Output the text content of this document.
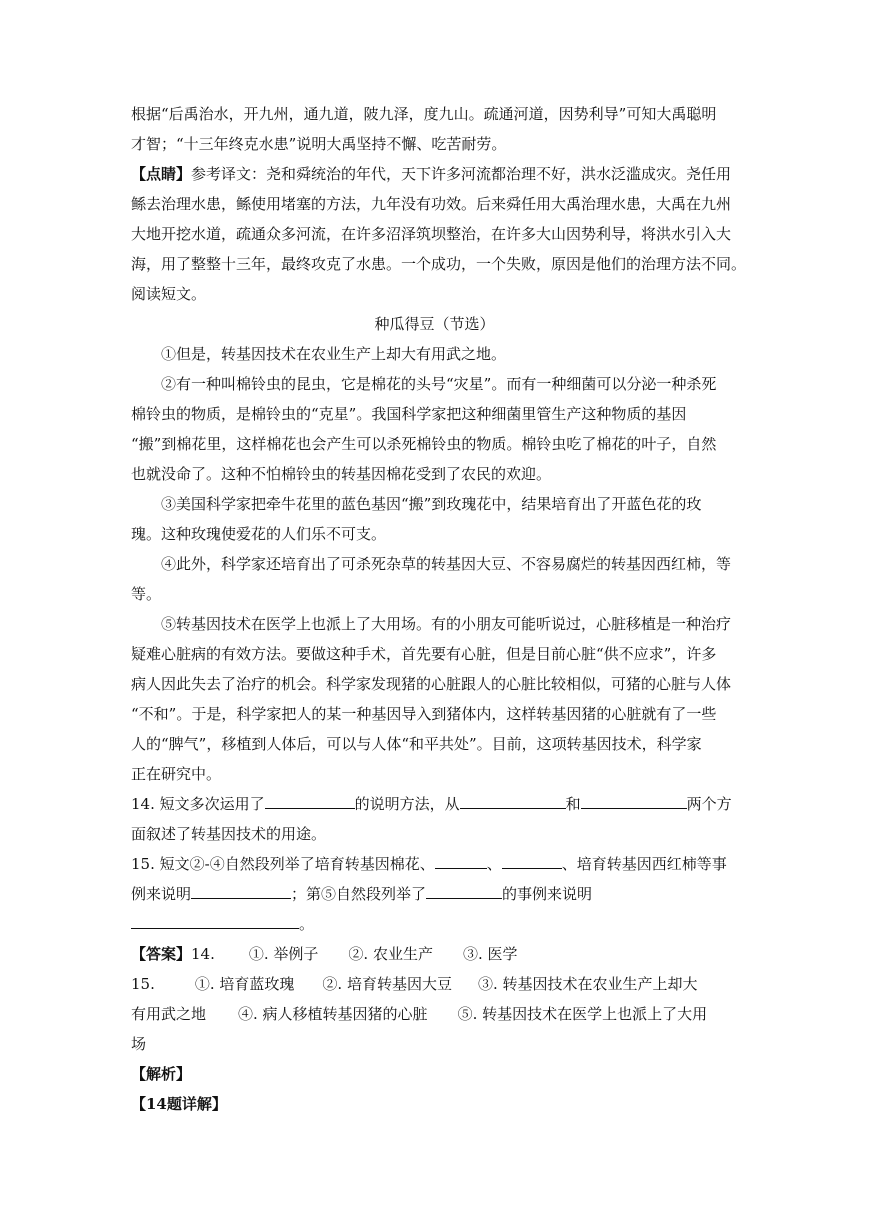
根据“后禹治水，开九州，通九道，陂九泽，度九山。疏通河道，因势利导”可知大禹聪明
才智；“十三年终克水患”说明大禹坚持不懈、吃苦耐劳。
【点睛】参考译文：尧和舜统治的年代，天下许多河流都治理不好，洪水泛滥成灾。尧任用
鲧去治理水患，鲧使用堵塞的方法，九年没有功效。后来舜任用大禹治理水患，大禹在九州
大地开挖水道，疏通众多河流，在许多沼泽筑坝整治，在许多大山因势利导，将洪水引入大
海，用了整整十三年，最终攻克了水患。一个成功，一个失败，原因是他们的治理方法不同。
阅读短文。
种瓜得豆（节选）
①但是，转基因技术在农业生产上却大有用武之地。
②有一种叫棉铃虫的昆虫，它是棉花的头号“灾星”。而有一种细菌可以分泌一种杀死
棉铃虫的物质，是棉铃虫的“克星”。我国科学家把这种细菌里管生产这种物质的基因
“搬”到棉花里，这样棉花也会产生可以杀死棉铃虫的物质。棉铃虫吃了棉花的叶子，自然
也就没命了。这种不怕棉铃虫的转基因棉花受到了农民的欢迎。
③美国科学家把牵牛花里的蓝色基因“搬”到玫瑰花中，结果培育出了开蓝色花的玫
瑰。这种玫瑰使爱花的人们乐不可支。
④此外，科学家还培育出了可杀死杂草的转基因大豆、不容易腐烂的转基因西红柿，等
等。
⑤转基因技术在医学上也派上了大用场。有的小朋友可能听说过，心脏移植是一种治疗
疑难心脏病的有效方法。要做这种手术，首先要有心脏，但是目前心脏“供不应求”，许多
病人因此失去了治疗的机会。科学家发现猪的心脏跟人的心脏比较相似，可猪的心脏与人体
“不和”。于是，科学家把人的某一种基因导入到猪体内，这样转基因猪的心脏就有了一些
人的“脾气”，移植到人体后，可以与人体“和平共处”。目前，这项转基因技术，科学家
正在研究中。
14. 短文多次运用了	的说明方法，从	和	两个方
面叙述了转基因技术的用途。
15. 短文②-④自然段列举了培育转基因棉花、	、	、培育转基因西红柿等事
例来说明	；第⑤自然段列举了	的事例来说明
。
【答案】14. ①. 举例子 ②. 农业生产 ③. 医学
15.	①. 培育蓝玫瑰 ②. 培育转基因大豆 ③. 转基因技术在农业生产上却大
有用武之地 ④. 病人移植转基因猪的心脏 ⑤. 转基因技术在医学上也派上了大用
场
【解析】
【14题详解】
